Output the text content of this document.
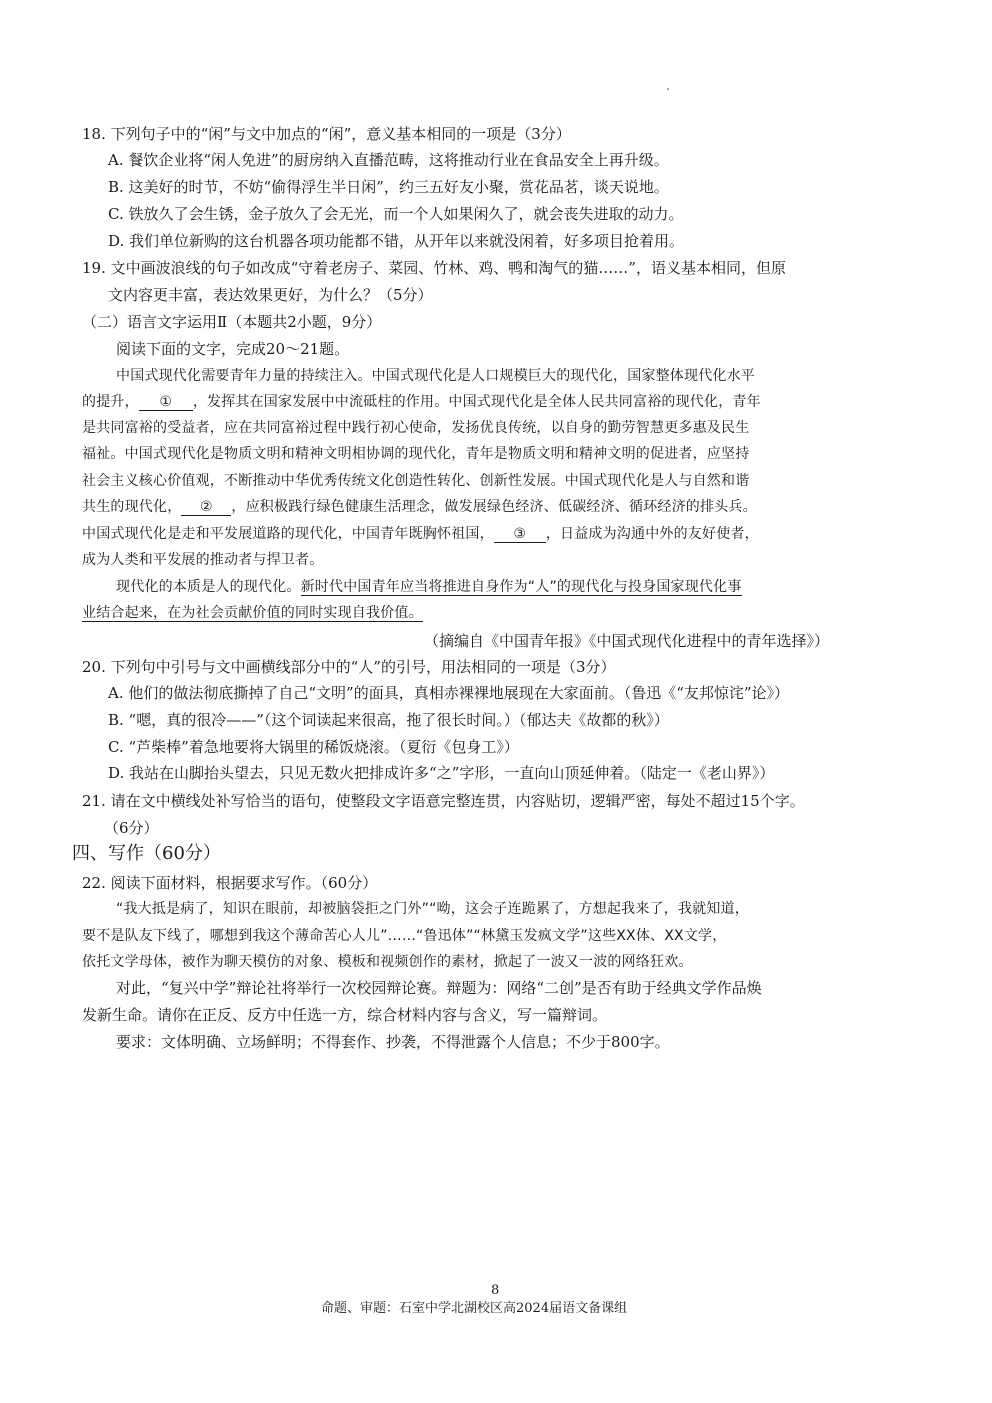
18. 下列句子中的“闲”与文中加点的“闲”，意义基本相同的一项是（3分）
A. 餐饮企业将“闲人免进”的厨房纳入直播范畴，这将推动行业在食品安全上再升级。
B. 这美好的时节，不妨“偷得浮生半日闲”，约三五好友小聚，赏花品茗，谈天说地。
C. 铁放久了会生锈，金子放久了会无光，而一个人如果闲久了，就会丧失进取的动力。
D. 我们单位新购的这台机器各项功能都不错，从开年以来就没闲着，好多项目抢着用。
19. 文中画波浪线的句子如改成“守着老房子、菜园、竹林、鸡、鸭和淘气的猫……”，语义基本相同，但原
文内容更丰富，表达效果更好，为什么？（5分）
（二）语言文字运用Ⅱ（本题共2小题，9分）
阅读下面的文字，完成20～21题。
中国式现代化需要青年力量的持续注入。中国式现代化是人口规模巨大的现代化，国家整体现代化水平
的提升， ① ，发挥其在国家发展中中流砥柱的作用。中国式现代化是全体人民共同富裕的现代化，青年
是共同富裕的受益者，应在共同富裕过程中践行初心使命，发扬优良传统，以自身的勤劳智慧更多惠及民生
福祉。中国式现代化是物质文明和精神文明相协调的现代化，青年是物质文明和精神文明的促进者，应坚持
社会主义核心价值观，不断推动中华优秀传统文化创造性转化、创新性发展。中国式现代化是人与自然和谐
共生的现代化， ② ，应积极践行绿色健康生活理念，做发展绿色经济、低碳经济、循环经济的排头兵。
中国式现代化是走和平发展道路的现代化，中国青年既胸怀祖国， ③ ，日益成为沟通中外的友好使者，
成为人类和平发展的推动者与捍卫者。
现代化的本质是人的现代化。新时代中国青年应当将推进自身作为“人”的现代化与投身国家现代化事
业结合起来，在为社会贡献价值的同时实现自我价值。
（摘编自《中国青年报》《中国式现代化进程中的青年选择》）
20. 下列句中引号与文中画横线部分中的“人”的引号，用法相同的一项是（3分）
A. 他们的做法彻底撕掉了自己“文明”的面具，真相赤裸裸地展现在大家面前。（鲁迅《“友邦惊诧”论》）
B. “嗯，真的很冷——”（这个词读起来很高，拖了很长时间。）（郁达夫《故都的秋》）
C. “芦柴棒”着急地要将大锅里的稀饭烧滚。（夏衍《包身工》）
D. 我站在山脚抬头望去，只见无数火把排成许多“之”字形，一直向山顶延伸着。（陆定一《老山界》）
21. 请在文中横线处补写恰当的语句，使整段文字语意完整连贯，内容贴切，逻辑严密，每处不超过15个字。
（6分）
四、写作（60分）
22. 阅读下面材料，根据要求写作。（60分）
“我大抵是病了，知识在眼前，却被脑袋拒之门外”“呦，这会子连跪累了，方想起我来了，我就知道，
要不是队友下线了，哪想到我这个薄命苦心人儿”……“鲁迅体”“林黛玉发疯文学”这些XX体、XX文学，
依托文学母体，被作为聊天模仿的对象、模板和视频创作的素材，掀起了一波又一波的网络狂欢。
对此，“复兴中学”辩论社将举行一次校园辩论赛。辩题为：网络“二创”是否有助于经典文学作品焕
发新生命。请你在正反、反方中任选一方，综合材料内容与含义，写一篇辩词。
要求：文体明确、立场鲜明；不得套作、抄袭，不得泄露个人信息；不少于800字。
8
命题、审题：石室中学北湖校区高2024届语文备课组
